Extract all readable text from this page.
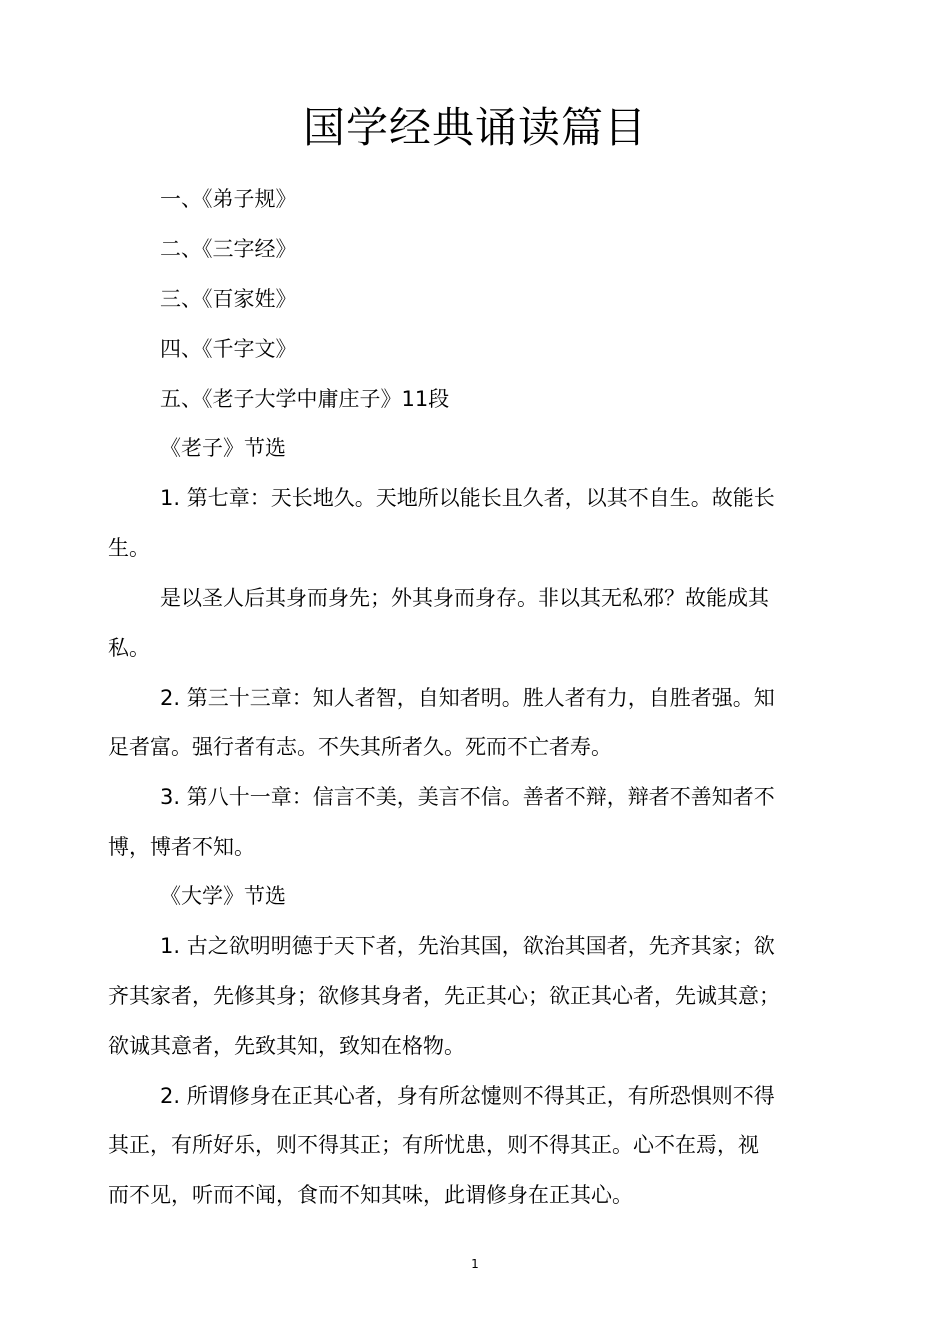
国学经典诵读篇目
一、《弟子规》
二、《三字经》
三、《百家姓》
四、《千字文》
五、《老子大学中庸庄子》11段
《老子》节选
1. 第七章：天长地久。天地所以能长且久者，以其不自生。故能长
生。
是以圣人后其身而身先；外其身而身存。非以其无私邪？故能成其
私。
2. 第三十三章：知人者智，自知者明。胜人者有力，自胜者强。知
足者富。强行者有志。不失其所者久。死而不亡者寿。
3. 第八十一章：信言不美，美言不信。善者不辩，辩者不善知者不
博，博者不知。
《大学》节选
1. 古之欲明明德于天下者，先治其国，欲治其国者，先齐其家；欲
齐其家者，先修其身；欲修其身者，先正其心；欲正其心者，先诚其意；
欲诚其意者，先致其知，致知在格物。
2. 所谓修身在正其心者，身有所忿懥则不得其正，有所恐惧则不得
其正，有所好乐，则不得其正；有所忧患，则不得其正。心不在焉，视
而不见，听而不闻，食而不知其味，此谓修身在正其心。
1
